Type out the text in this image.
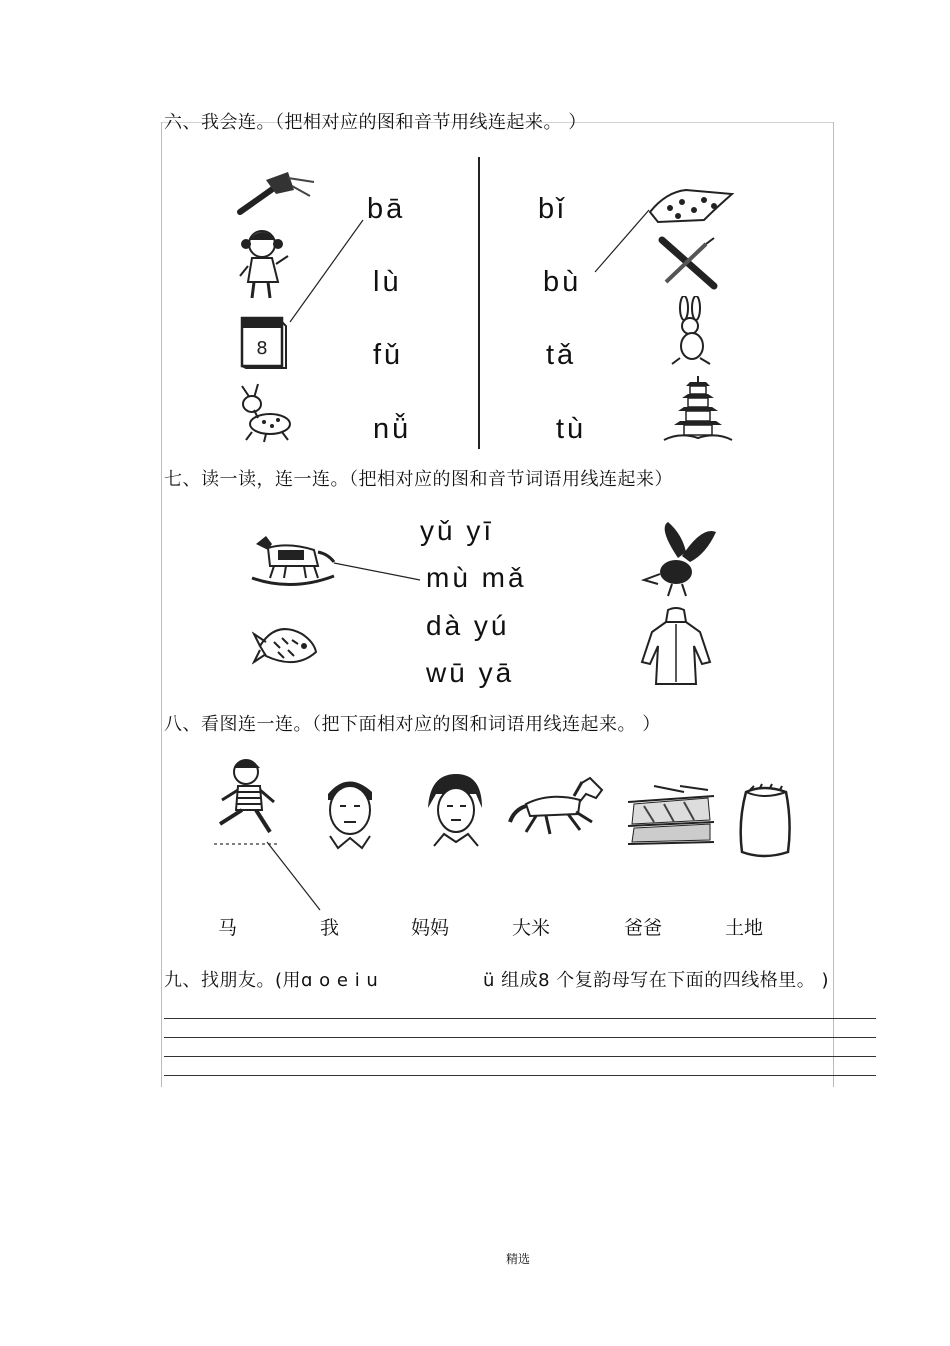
六、我会连。（把相对应的图和音节用线连起来。 ）
8
bā
lù
fǔ
nǚ
bǐ
bù
tǎ
tù
七、读一读，连一连。（把相对应的图和音节词语用线连起来）
yǔ yī
mù mǎ
dà yú
wū yā
八、看图连一连。（把下面相对应的图和词语用线连起来。 ）
马	我	妈妈	大米	爸爸	土地
九、找朋友。(用ɑ o e i u	ü 组成8 个复韵母写在下面的四线格里。 )
精选
